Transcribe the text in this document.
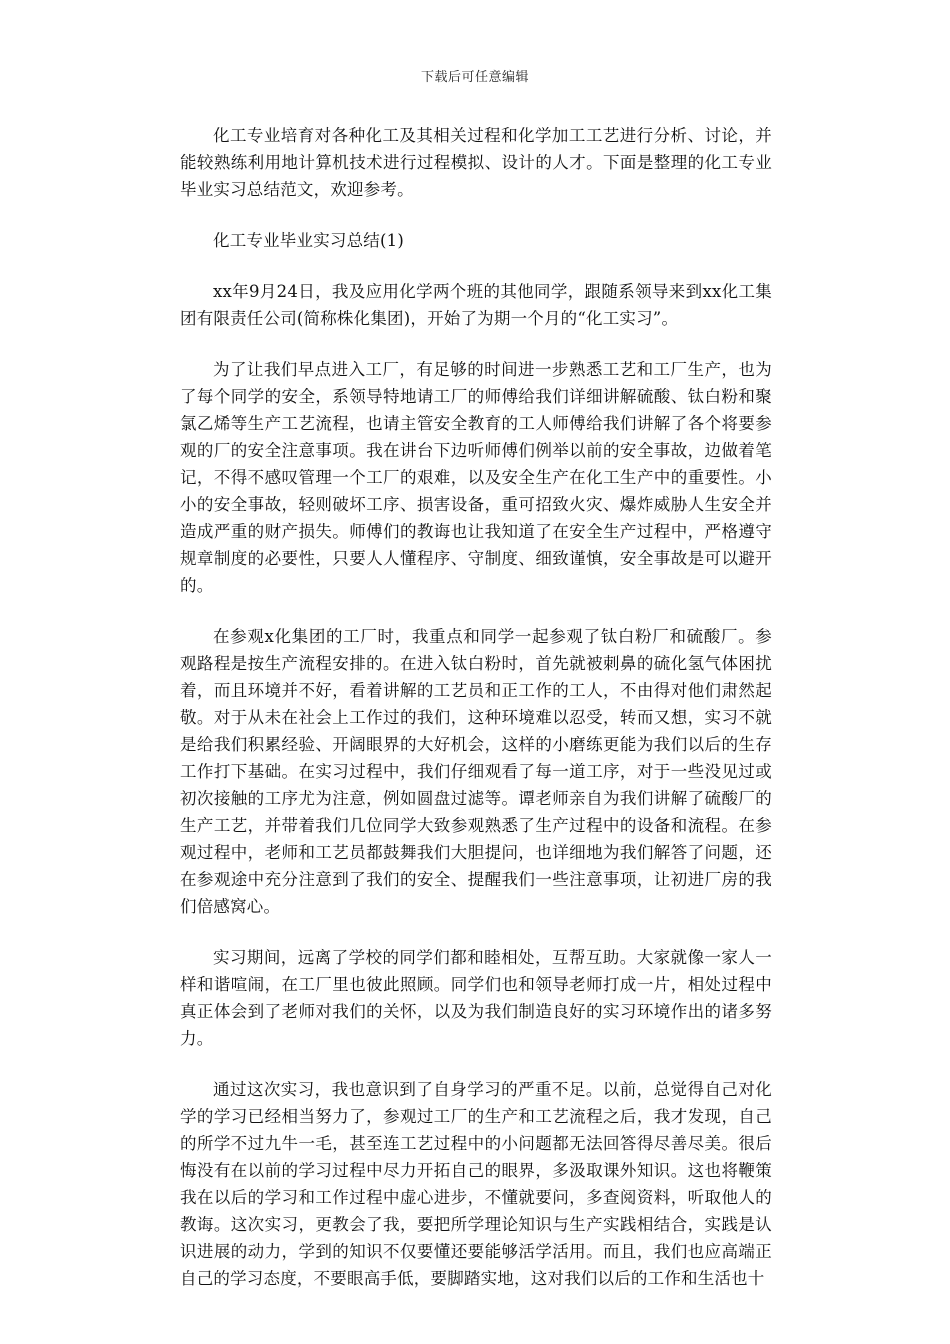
下载后可任意编辑

化工专业培育对各种化工及其相关过程和化学加工工艺进行分析、讨论，并能较熟练利用地计算机技术进行过程模拟、设计的人才。下面是整理的化工专业毕业实习总结范文，欢迎参考。

化工专业毕业实习总结(1)

xx年9月24日，我及应用化学两个班的其他同学，跟随系领导来到xx化工集团有限责任公司(简称株化集团)，开始了为期一个月的“化工实习”。

为了让我们早点进入工厂，有足够的时间进一步熟悉工艺和工厂生产，也为了每个同学的安全，系领导特地请工厂的师傅给我们详细讲解硫酸、钛白粉和聚氯乙烯等生产工艺流程，也请主管安全教育的工人师傅给我们讲解了各个将要参观的厂的安全注意事项。我在讲台下边听师傅们例举以前的安全事故，边做着笔记，不得不感叹管理一个工厂的艰难，以及安全生产在化工生产中的重要性。小小的安全事故，轻则破坏工序、损害设备，重可招致火灾、爆炸威胁人生安全并造成严重的财产损失。师傅们的教诲也让我知道了在安全生产过程中，严格遵守规章制度的必要性，只要人人懂程序、守制度、细致谨慎，安全事故是可以避开的。

在参观x化集团的工厂时，我重点和同学一起参观了钛白粉厂和硫酸厂。参观路程是按生产流程安排的。在进入钛白粉时，首先就被刺鼻的硫化氢气体困扰着，而且环境并不好，看着讲解的工艺员和正工作的工人，不由得对他们肃然起敬。对于从未在社会上工作过的我们，这种环境难以忍受，转而又想，实习不就是给我们积累经验、开阔眼界的大好机会，这样的小磨练更能为我们以后的生存工作打下基础。在实习过程中，我们仔细观看了每一道工序，对于一些没见过或初次接触的工序尤为注意，例如圆盘过滤等。谭老师亲自为我们讲解了硫酸厂的生产工艺，并带着我们几位同学大致参观熟悉了生产过程中的设备和流程。在参观过程中，老师和工艺员都鼓舞我们大胆提问，也详细地为我们解答了问题，还在参观途中充分注意到了我们的安全、提醒我们一些注意事项，让初进厂房的我们倍感窝心。

实习期间，远离了学校的同学们都和睦相处，互帮互助。大家就像一家人一样和谐喧闹，在工厂里也彼此照顾。同学们也和领导老师打成一片，相处过程中真正体会到了老师对我们的关怀，以及为我们制造良好的实习环境作出的诸多努力。

通过这次实习，我也意识到了自身学习的严重不足。以前，总觉得自己对化学的学习已经相当努力了，参观过工厂的生产和工艺流程之后，我才发现，自己的所学不过九牛一毛，甚至连工艺过程中的小问题都无法回答得尽善尽美。很后悔没有在以前的学习过程中尽力开拓自己的眼界，多汲取课外知识。这也将鞭策我在以后的学习和工作过程中虚心进步，不懂就要问，多查阅资料，听取他人的教诲。这次实习，更教会了我，要把所学理论知识与生产实践相结合，实践是认识进展的动力，学到的知识不仅要懂还要能够活学活用。而且，我们也应高端正自己的学习态度，不要眼高手低，要脚踏实地，这对我们以后的工作和生活也十
